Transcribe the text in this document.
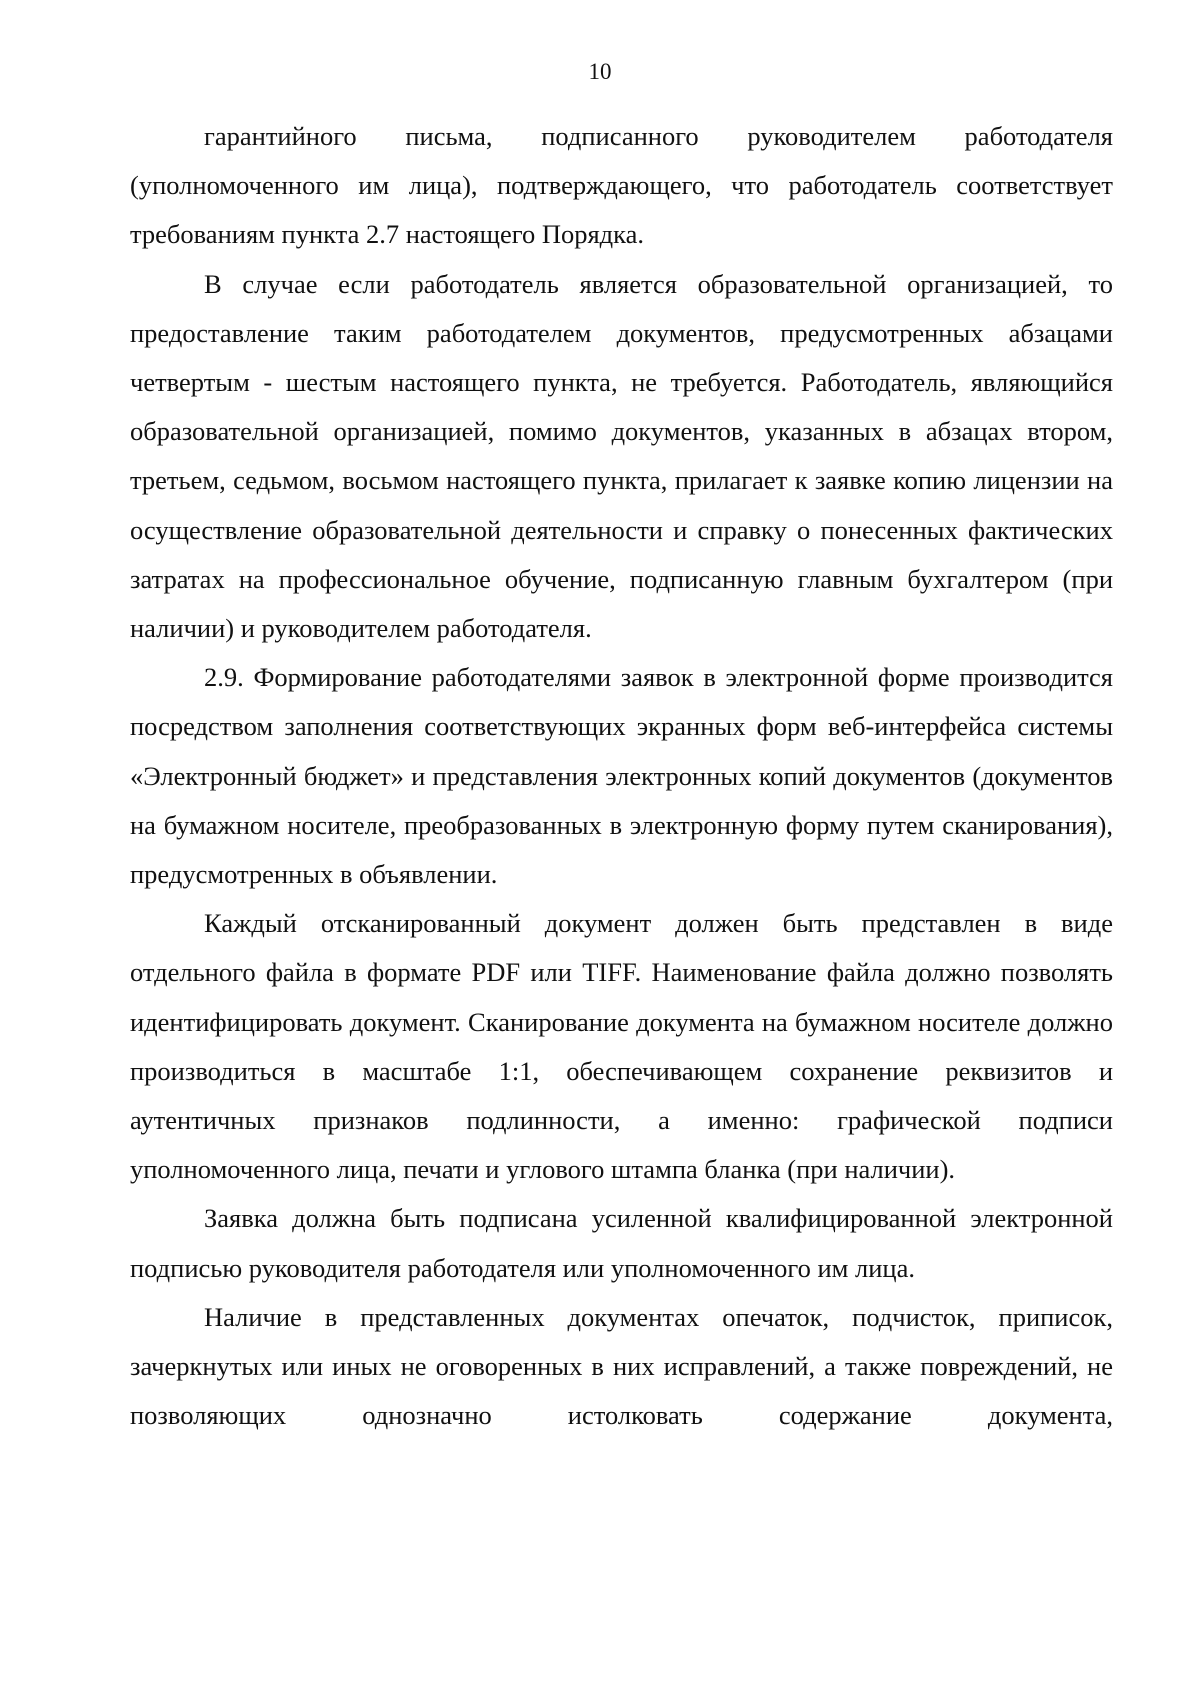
10

гарантийного письма, подписанного руководителем работодателя (уполномоченного им лица), подтверждающего, что работодатель соответствует требованиям пункта 2.7 настоящего Порядка.

В случае если работодатель является образовательной организацией, то предоставление таким работодателем документов, предусмотренных абзацами четвертым - шестым настоящего пункта, не требуется. Работодатель, являющийся образовательной организацией, помимо документов, указанных в абзацах втором, третьем, седьмом, восьмом настоящего пункта, прилагает к заявке копию лицензии на осуществление образовательной деятельности и справку о понесенных фактических затратах на профессиональное обучение, подписанную главным бухгалтером (при наличии) и руководителем работодателя.

2.9. Формирование работодателями заявок в электронной форме производится посредством заполнения соответствующих экранных форм веб-интерфейса системы «Электронный бюджет» и представления электронных копий документов (документов на бумажном носителе, преобразованных в электронную форму путем сканирования), предусмотренных в объявлении.

Каждый отсканированный документ должен быть представлен в виде отдельного файла в формате PDF или TIFF. Наименование файла должно позволять идентифицировать документ. Сканирование документа на бумажном носителе должно производиться в масштабе 1:1, обеспечивающем сохранение реквизитов и аутентичных признаков подлинности, а именно: графической подписи уполномоченного лица, печати и углового штампа бланка (при наличии).

Заявка должна быть подписана усиленной квалифицированной электронной подписью руководителя работодателя или уполномоченного им лица.

Наличие в представленных документах опечаток, подчисток, приписок, зачеркнутых или иных не оговоренных в них исправлений, а также повреждений, не позволяющих однозначно истолковать содержание документа,
